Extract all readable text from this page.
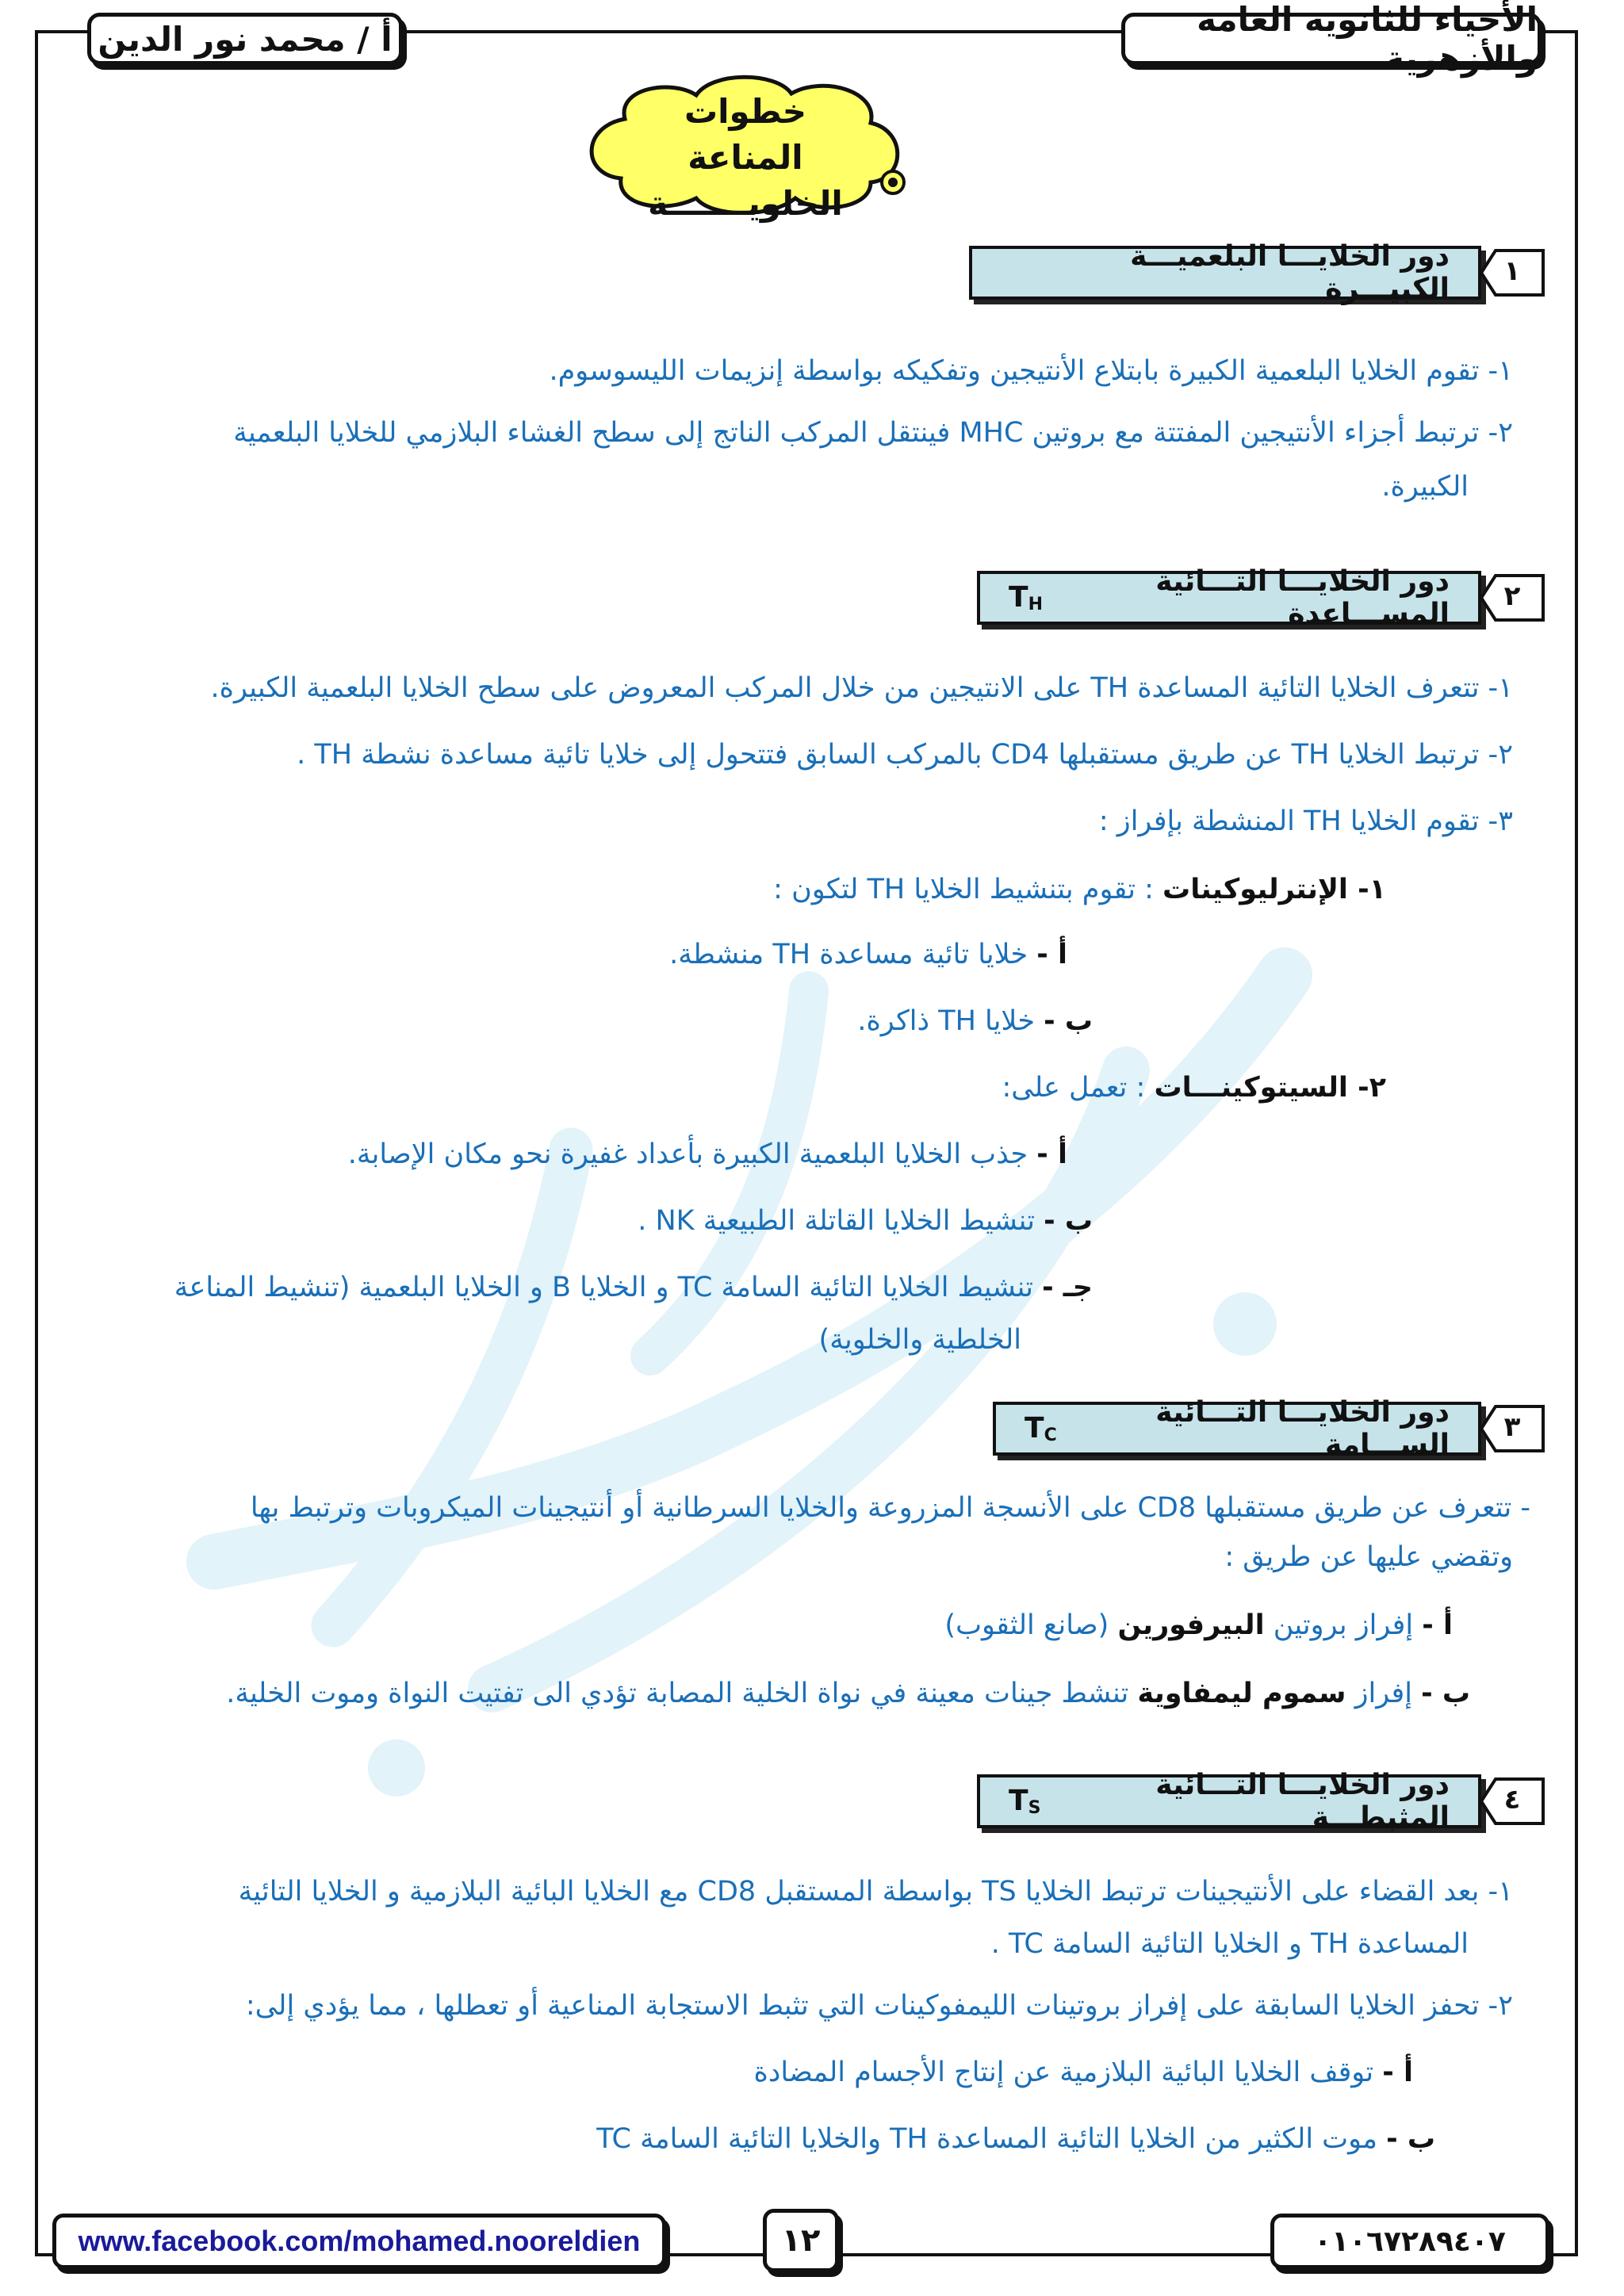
الأحياء للثانوية العامة والأزهرية
أ / محمد نور الدين
خطوات المناعة الخلويـــــــة
١
دور الخلايـــا البلعميـــة الكبيـــرة
١- تقوم الخلايا البلعمية الكبيرة بابتلاع الأنتيجين وتفكيكه بواسطة إنزيمات الليسوسوم.
٢- ترتبط أجزاء الأنتيجين المفتتة مع بروتين MHC فينتقل المركب الناتج إلى سطح الغشاء البلازمي للخلايا البلعمية
الكبيرة.
٢
دور الخلايـــا التـــائية المســـاعدة

$T_H$
١- تتعرف الخلايا التائية المساعدة TH على الانتيجين من خلال المركب المعروض على سطح الخلايا البلعمية الكبيرة.
٢- ترتبط الخلايا TH عن طريق مستقبلها CD4 بالمركب السابق فتتحول إلى خلايا تائية مساعدة نشطة TH .
٣- تقوم الخلايا TH المنشطة بإفراز :
١- الإنترليوكينات : تقوم بتنشيط الخلايا TH لتكون :
أ - خلايا تائية مساعدة TH منشطة.
ب - خلايا TH ذاكرة.
٢- السيتوكينـــات : تعمل على:
أ - جذب الخلايا البلعمية الكبيرة بأعداد غفيرة نحو مكان الإصابة.
ب - تنشيط الخلايا القاتلة الطبيعية NK .
جـ - تنشيط الخلايا التائية السامة TC و الخلايا B و الخلايا البلعمية (تنشيط المناعة
الخلطية والخلوية)
٣
دور الخلايـــا التـــائية الســـامة

$T_C$
- تتعرف عن طريق مستقبلها CD8 على الأنسجة المزروعة والخلايا السرطانية أو أنتيجينات الميكروبات وترتبط بها
وتقضي عليها عن طريق :
أ - إفراز بروتين البيرفورين (صانع الثقوب)
ب - إفراز سموم ليمفاوية تنشط جينات معينة في نواة الخلية المصابة تؤدي الى تفتيت النواة وموت الخلية.
٤
دور الخلايـــا التـــائية المثبطـــة

$T_S$
١- بعد القضاء على الأنتيجينات ترتبط الخلايا TS بواسطة المستقبل CD8 مع الخلايا البائية البلازمية و الخلايا التائية
المساعدة TH و الخلايا التائية السامة TC .
٢- تحفز الخلايا السابقة على إفراز بروتينات الليمفوكينات التي تثبط الاستجابة المناعية أو تعطلها ، مما يؤدي إلى:
أ - توقف الخلايا البائية البلازمية عن إنتاج الأجسام المضادة
ب - موت الكثير من الخلايا التائية المساعدة TH والخلايا التائية السامة TC
www.facebook.com/mohamed.nooreldien	١٢	٠١٠٦٧٢٨٩٤٠٧
